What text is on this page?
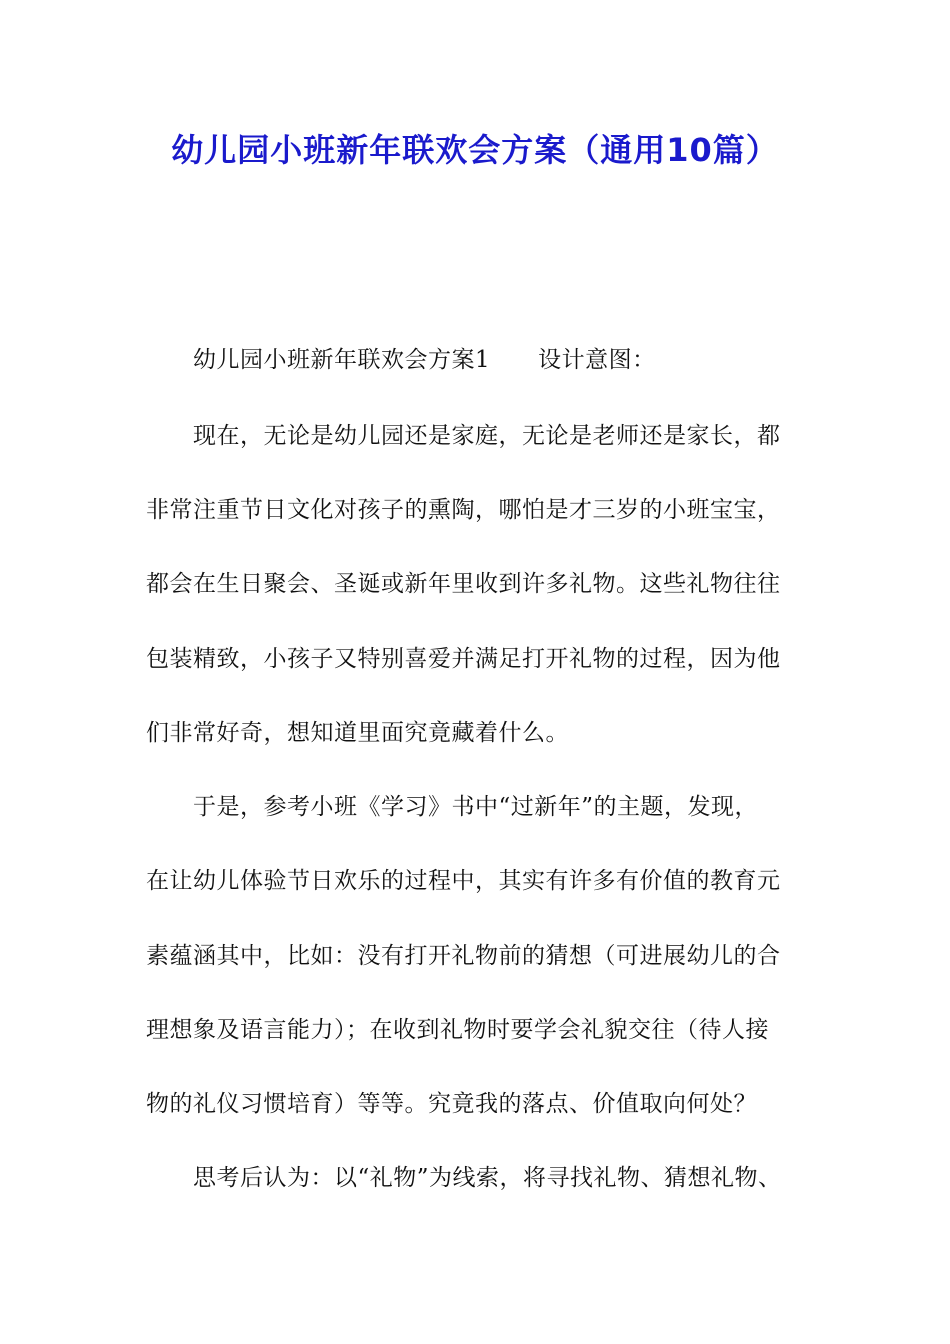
幼儿园小班新年联欢会方案（通用10篇）
幼儿园小班新年联欢会方案1 设计意图：
现在，无论是幼儿园还是家庭，无论是老师还是家长，都
非常注重节日文化对孩子的熏陶，哪怕是才三岁的小班宝宝，
都会在生日聚会、圣诞或新年里收到许多礼物。这些礼物往往
包装精致，小孩子又特别喜爱并满足打开礼物的过程，因为他
们非常好奇，想知道里面究竟藏着什么。
于是，参考小班《学习》书中“过新年”的主题，发现，
在让幼儿体验节日欢乐的过程中，其实有许多有价值的教育元
素蕴涵其中，比如：没有打开礼物前的猜想（可进展幼儿的合
理想象及语言能力）；在收到礼物时要学会礼貌交往（待人接
物的礼仪习惯培育）等等。究竟我的落点、价值取向何处？
思考后认为：以“礼物”为线索，将寻找礼物、猜想礼物、
